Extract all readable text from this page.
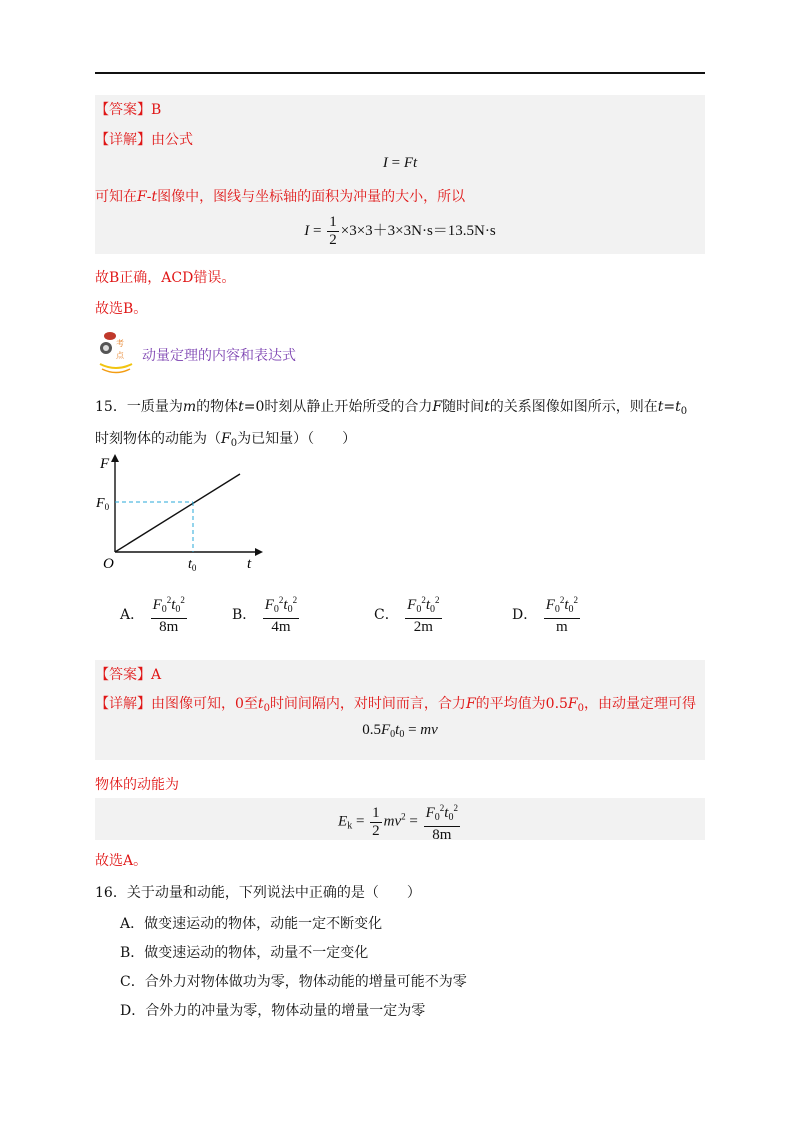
【答案】B
【详解】由公式
I = Ft
可知在F-t图像中，图线与坐标轴的面积为冲量的大小，所以
$I = \frac{1}{2} \times 3\times 3+3\times 3N\cdot s=13.5N\cdot s$
故B正确，ACD错误。
故选B。
考
点 动量定理的内容和表达式
15．一质量为m的物体t=0时刻从静止开始所受的合力F随时间t的关系图像如图所示，则在$t=t_0$
时刻物体的动能为（$F_0$为已知量）（　　）
F
t
O
$F_0$
$t_0$
A． $\frac{F_0^2t_0^2}{8m}$	B． $\frac{F_0^2t_0^2}{4m}$	C． $\frac{F_0^2t_0^2}{2m}$	D． $\frac{F_0^2t_0^2}{m}$
【答案】A
【详解】由图像可知，0至$t_0$时间间隔内，对时间而言，合力F的平均值为$0.5F_0$，由动量定理可得
$0.5F_0t_0$ = mv
物体的动能为
$E_k = \frac{1}{2} mv^2 = \frac{F_0^2t_0^2}{8m}$
故选A。
16．关于动量和动能，下列说法中正确的是（　　）
A．做变速运动的物体，动能一定不断变化
B．做变速运动的物体，动量不一定变化
C．合外力对物体做功为零，物体动能的增量可能不为零
D．合外力的冲量为零，物体动量的增量一定为零
